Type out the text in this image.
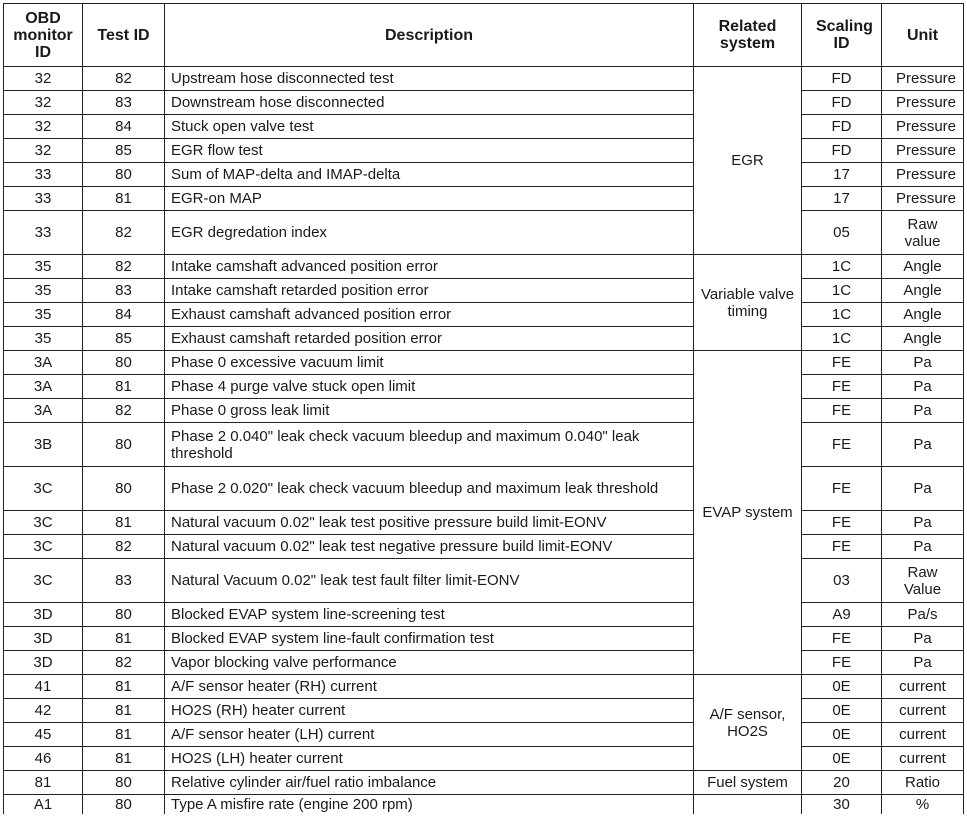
OBD monitor ID	Test ID	Description	Related system	Scaling ID	Unit
32	82	Upstream hose disconnected test	EGR	FD	Pressure
32	83	Downstream hose disconnected		FD	Pressure
32	84	Stuck open valve test		FD	Pressure
32	85	EGR flow test		FD	Pressure
33	80	Sum of MAP-delta and IMAP-delta		17	Pressure
33	81	EGR-on MAP		17	Pressure
33	82	EGR degredation index		05	Raw value
35	82	Intake camshaft advanced position error	Variable valve timing	1C	Angle
35	83	Intake camshaft retarded position error		1C	Angle
35	84	Exhaust camshaft advanced position error		1C	Angle
35	85	Exhaust camshaft retarded position error		1C	Angle
3A	80	Phase 0 excessive vacuum limit	EVAP system	FE	Pa
3A	81	Phase 4 purge valve stuck open limit		FE	Pa
3A	82	Phase 0 gross leak limit		FE	Pa
3B	80	Phase 2 0.040" leak check vacuum bleedup and maximum 0.040" leak threshold		FE	Pa
3C	80	Phase 2 0.020" leak check vacuum bleedup and maximum leak threshold		FE	Pa
3C	81	Natural vacuum 0.02" leak test positive pressure build limit-EONV		FE	Pa
3C	82	Natural vacuum 0.02" leak test negative pressure build limit-EONV		FE	Pa
3C	83	Natural Vacuum 0.02" leak test fault filter limit-EONV		03	Raw Value
3D	80	Blocked EVAP system line-screening test		A9	Pa/s
3D	81	Blocked EVAP system line-fault confirmation test		FE	Pa
3D	82	Vapor blocking valve performance		FE	Pa
41	81	A/F sensor heater (RH) current	A/F sensor, HO2S	0E	current
42	81	HO2S (RH) heater current		0E	current
45	81	A/F sensor heater (LH) current		0E	current
46	81	HO2S (LH) heater current		0E	current
81	80	Relative cylinder air/fuel ratio imbalance	Fuel system	20	Ratio
A1	80	Type A misfire rate (engine 200 rpm)		30	%
